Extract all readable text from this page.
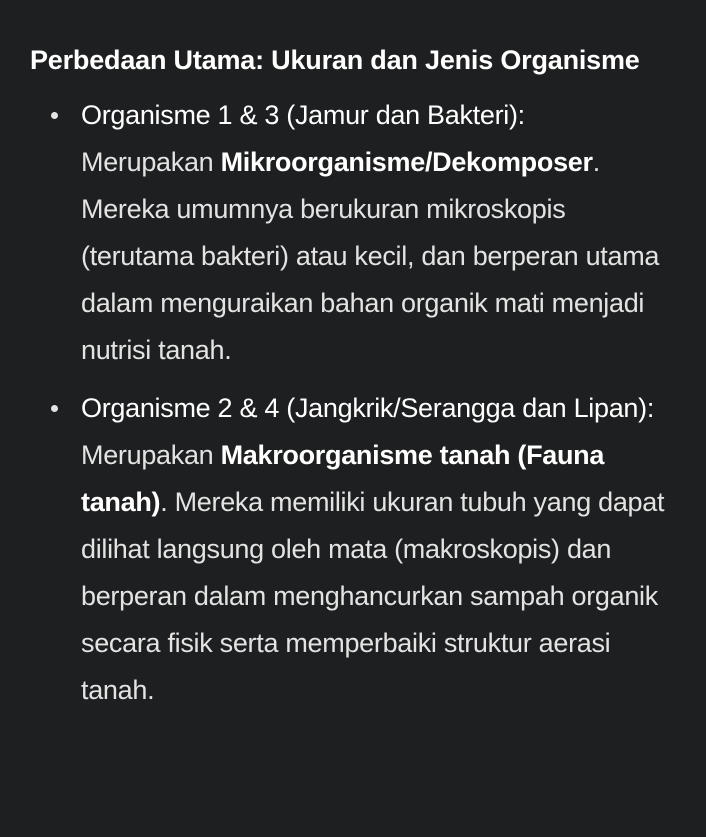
Perbedaan Utama: Ukuran dan Jenis Organisme
Organisme 1 & 3 (Jamur dan Bakteri):
Merupakan Mikroorganisme/Dekomposer. Mereka umumnya berukuran mikroskopis (terutama bakteri) atau kecil, dan berperan utama dalam menguraikan bahan organik mati menjadi nutrisi tanah.
Organisme 2 & 4 (Jangkrik/Serangga dan Lipan):
Merupakan Makroorganisme tanah (Fauna tanah). Mereka memiliki ukuran tubuh yang dapat dilihat langsung oleh mata (makroskopis) dan berperan dalam menghancurkan sampah organik secara fisik serta memperbaiki struktur aerasi tanah.
